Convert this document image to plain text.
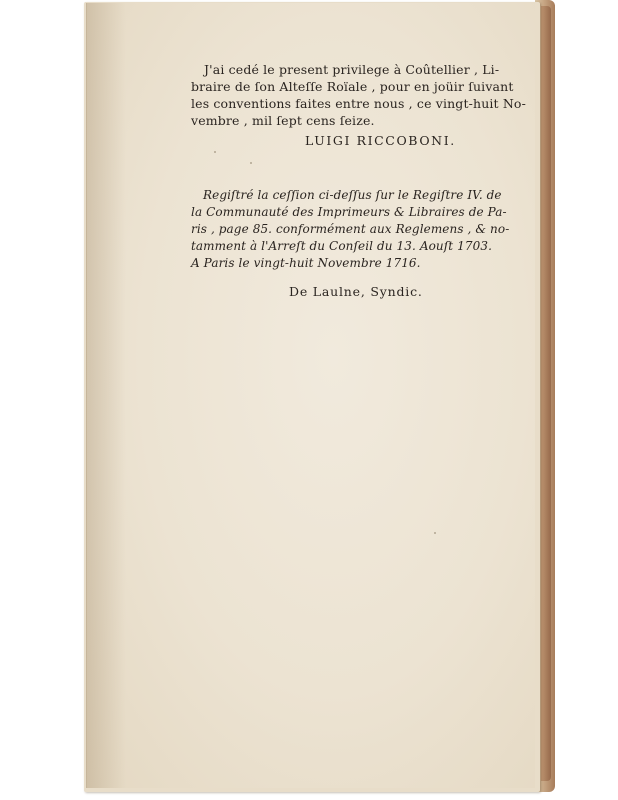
J'ai cedé le present privilege à Coûtellier , Li-
braire de ſon Alteſſe Roïale , pour en joüir ſuivant
les conventions faites entre nous , ce vingt-huit No-
vembre , mil ſept cens ſeize.
LUIGI RICCOBONI.
Regiſtré la ceſſion ci-deſſus ſur le Regiſtre IV. de
la Communauté des Imprimeurs & Libraires de Pa-
ris , page 85. conformément aux Reglemens , & no-
tamment à l'Arreſt du Conſeil du 13. Aouſt 1703.
A Paris le vingt-huit Novembre 1716.
De Laulne, Syndic.
